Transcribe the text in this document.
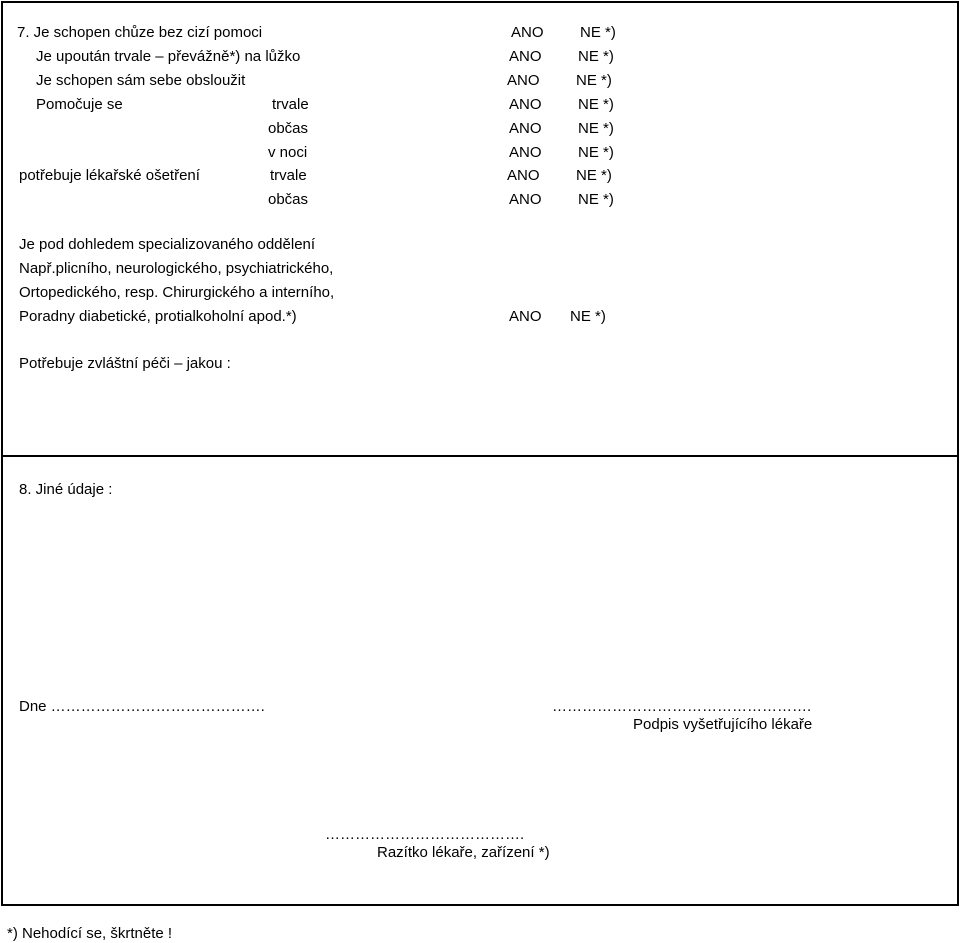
7. Je schopen chůze bez cizí pomoci	ANO NE *)
Je upoután trvale – převážně*) na lůžko	ANO NE *)
Je schopen sám sebe obsloužit	ANO NE *)
Pomočuje se	trvale	ANO NE *)
občas	ANO NE *)
v noci	ANO NE *)
potřebuje lékařské ošetření	trvale	ANO NE *)
občas	ANO NE *)
Je pod dohledem specializovaného oddělení
Např.plicního, neurologického, psychiatrického,
Ortopedického, resp. Chirurgického a interního,
Poradny diabetické, protialkoholní apod.*)	ANO NE *)
Potřebuje zvláštní péči – jakou :
8. Jiné údaje :
Dne …………………………………….	…………………………………………….
Podpis vyšetřujícího lékaře
………………………………….
Razítko lékaře, zařízení *)
*) Nehodící se, škrtněte !
